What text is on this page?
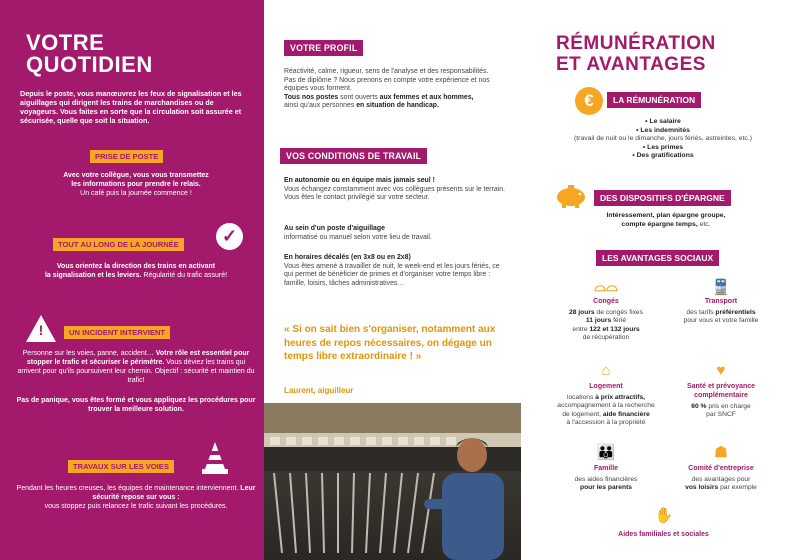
VOTRE
QUOTIDIEN
Depuis le poste, vous manœuvrez les feux de signalisation et les aiguillages qui dirigent les trains de marchandises ou de voyageurs. Vous faites en sorte que la circulation soit assurée et sécurisée, quelle que soit la situation.
PRISE DE POSTE
Avec votre collègue, vous vous transmettez
les informations pour prendre le relais.
Un café puis la journée commence !
TOUT AU LONG DE LA JOURNÉE	✓
Vous orientez la direction des trains en activant
la signalisation et les leviers. Régularité du trafic assuré!
!	UN INCIDENT INTERVIENT
Personne sur les voies, panne, accident… Votre rôle est essentiel pour stopper le trafic et sécuriser le périmètre. Vous déviez les trains qui arrivent pour qu'ils poursuivent leur chemin. Objectif : sécurité et maintien du trafic!
Pas de panique, vous êtes formé et vous appliquez les procédures pour trouver la meilleure solution.
TRAVAUX SUR LES VOIES
Pendant les heures creuses, les équipes de maintenance interviennent. Leur sécurité repose sur vous :
vous stoppez puis relancez le trafic suivant les procédures.
VOTRE PROFIL
Réactivité, calme, rigueur, sens de l'analyse et des responsabilités.
Pas de diplôme ? Nous prenons en compte votre expérience et nos équipes vous forment.
Tous nos postes sont ouverts aux femmes et aux hommes,
ainsi qu'aux personnes en situation de handicap.
VOS CONDITIONS DE TRAVAIL
En autonomie ou en équipe mais jamais seul !
Vous échangez constamment avec vos collègues présents sur le terrain. Vous êtes le contact privilégié sur votre secteur.
Au sein d'un poste d'aiguillage
informatisé ou manuel selon votre lieu de travail.
En horaires décalés (en 3x8 ou en 2x8)
Vous êtes amené à travailler de nuit, le week-end et les jours fériés, ce qui permet de bénéficier de primes et d'organiser votre temps libre : famille, loisirs, tâches administratives…
« Si on sait bien s'organiser, notamment aux heures de repos nécessaires, on dégage un temps libre extraordinaire ! »
Laurent, aiguilleur
RÉMUNÉRATION
ET AVANTAGES
€	LA RÉMUNÉRATION
• Le salaire
• Les indemnités
(travail de nuit ou le dimanche, jours fériés, astreintes, etc.)
• Les primes
• Des gratifications
DES DISPOSITIFS D'ÉPARGNE
Intéressement, plan épargne groupe,
compte épargne temps, etc.
LES AVANTAGES SOCIAUX
⌓⌓
Congés
28 jours de congés fixes
11 jours férié
entre 122 et 132 jours
de récupération
🚆
Transport
des tarifs préférentiels
pour vous et votre famille
⌂
Logement
locations à prix attractifs,
accompagnement à la recherche
de logement, aide financière
à l'accession à la propriété
♥
Santé et prévoyance
complémentaire
60 % pris en charge
par SNCF
👪
Famille
des aides financières
pour les parents
☗
Comité d'entreprise
des avantages pour
vos loisirs par exemple
✋
Aides familiales et sociales
